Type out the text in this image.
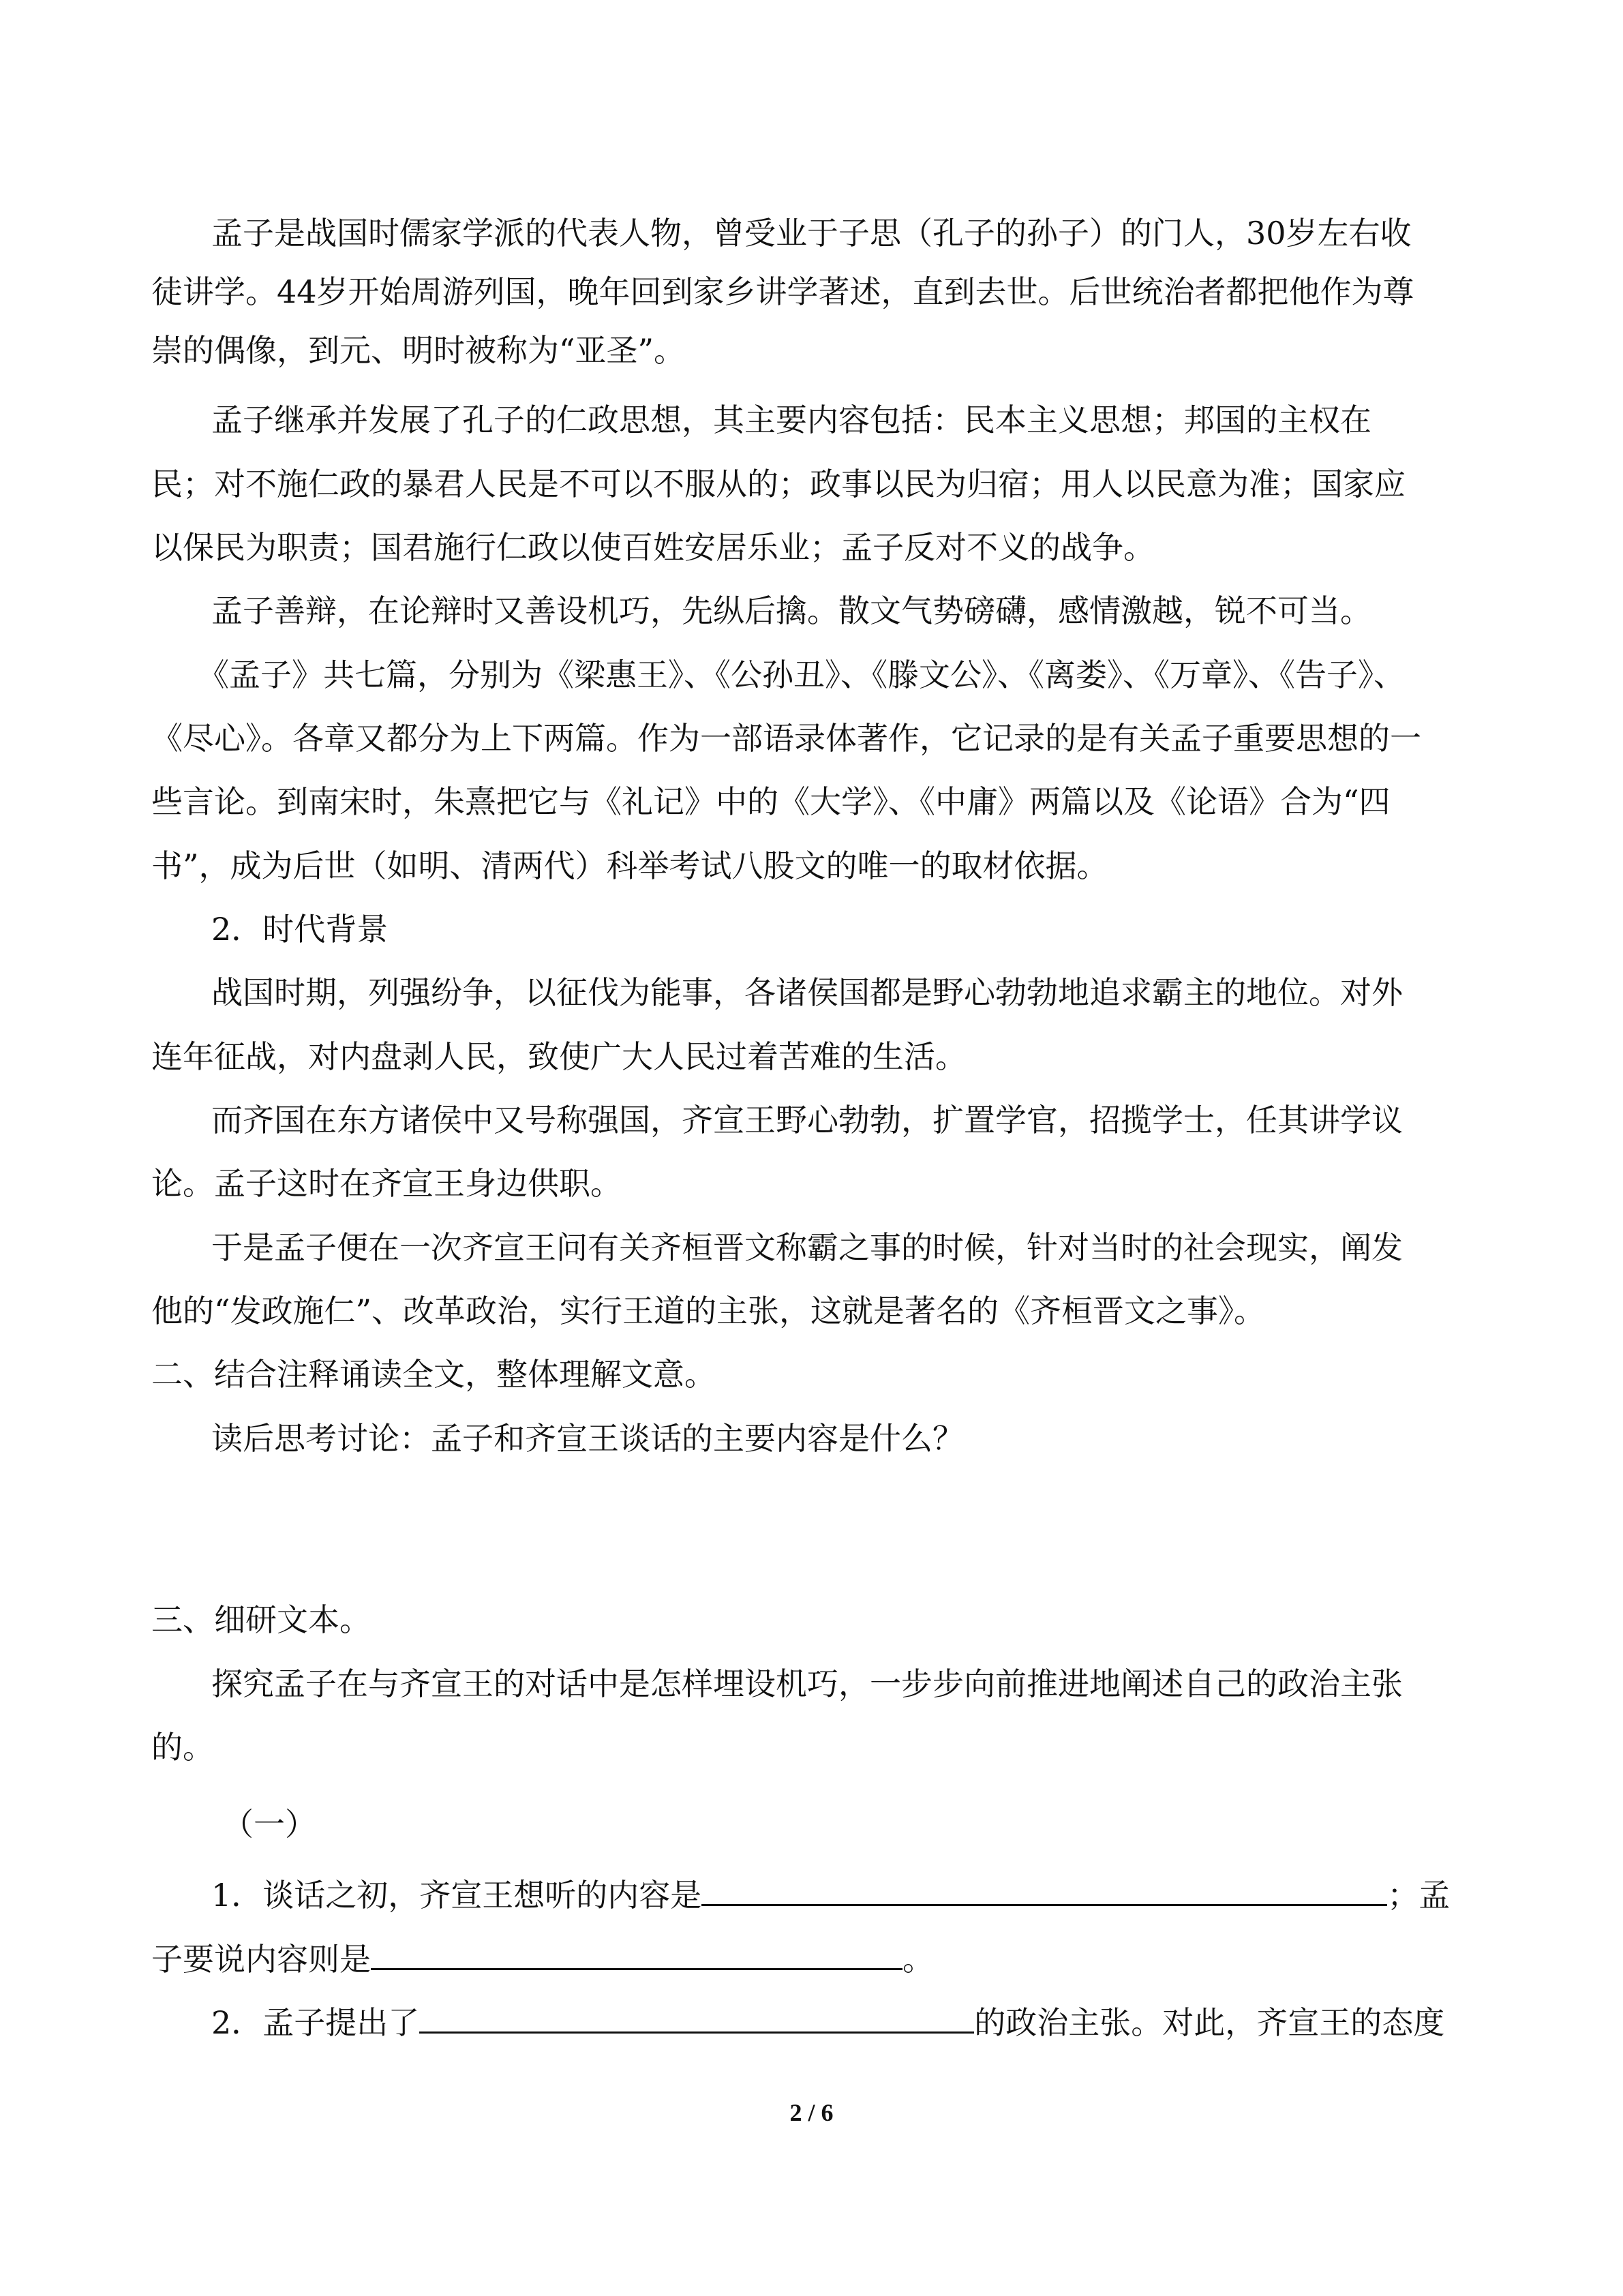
孟子是战国时儒家学派的代表人物，曾受业于子思（孔子的孙子）的门人，30岁左右收
徒讲学。44岁开始周游列国，晚年回到家乡讲学著述，直到去世。后世统治者都把他作为尊
崇的偶像，到元、明时被称为“亚圣”。
孟子继承并发展了孔子的仁政思想，其主要内容包括：民本主义思想；邦国的主权在
民；对不施仁政的暴君人民是不可以不服从的；政事以民为归宿；用人以民意为准；国家应
以保民为职责；国君施行仁政以使百姓安居乐业；孟子反对不义的战争。
孟子善辩，在论辩时又善设机巧，先纵后擒。散文气势磅礴，感情激越，锐不可当。
《孟子》共七篇，分别为《梁惠王》、《公孙丑》、《滕文公》、《离娄》、《万章》、《告子》、
《尽心》。各章又都分为上下两篇。作为一部语录体著作，它记录的是有关孟子重要思想的一
些言论。到南宋时，朱熹把它与《礼记》中的《大学》、《中庸》两篇以及《论语》合为“四
书”，成为后世（如明、清两代）科举考试八股文的唯一的取材依据。
2．时代背景
战国时期，列强纷争，以征伐为能事，各诸侯国都是野心勃勃地追求霸主的地位。对外
连年征战，对内盘剥人民，致使广大人民过着苦难的生活。
而齐国在东方诸侯中又号称强国，齐宣王野心勃勃，扩置学官，招揽学士，任其讲学议
论。孟子这时在齐宣王身边供职。
于是孟子便在一次齐宣王问有关齐桓晋文称霸之事的时候，针对当时的社会现实，阐发
他的“发政施仁”、改革政治，实行王道的主张，这就是著名的《齐桓晋文之事》。
二、结合注释诵读全文，整体理解文意。
读后思考讨论：孟子和齐宣王谈话的主要内容是什么？
三、细研文本。
探究孟子在与齐宣王的对话中是怎样埋设机巧，一步步向前推进地阐述自己的政治主张
的。
（一）
1．谈话之初，齐宣王想听的内容是	；孟
子要说内容则是	。
2．孟子提出了	的政治主张。对此，齐宣王的态度
2 / 6
